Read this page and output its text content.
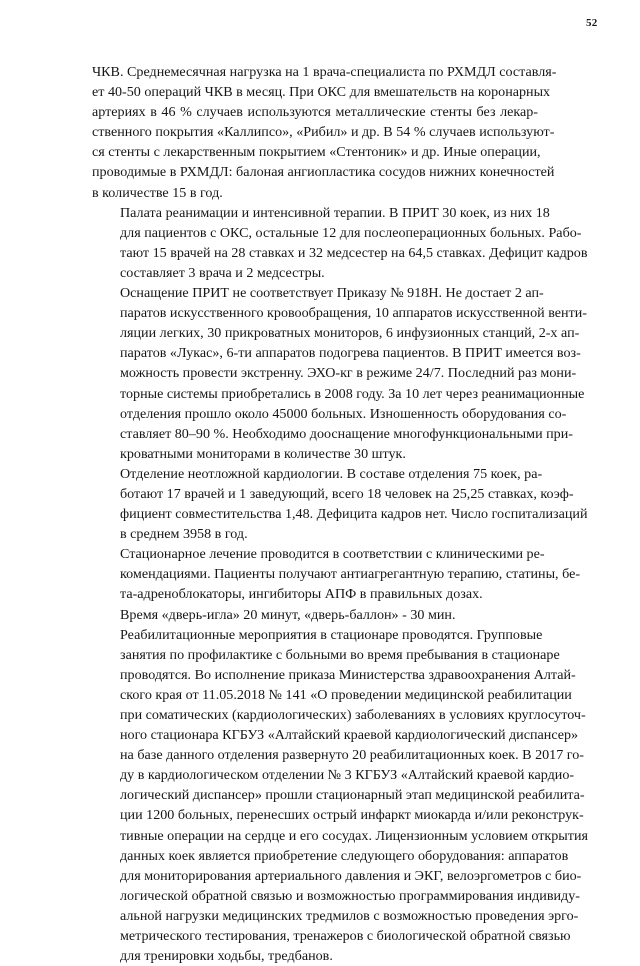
52

ЧКВ. Среднемесячная нагрузка на 1 врача-специалиста по РХМДЛ составля-
ет 40-50 операций ЧКВ в месяц. При ОКС для вмешательств на коронарных
артериях в 46 % случаев используются металлические стенты без лекар-
ственного покрытия «Каллипсо», «Рибил» и др. В 54 % случаев используют-
ся стенты с лекарственным покрытием «Стентоник» и др. Иные операции,
проводимые в РХМДЛ: балоная ангиопластика сосудов нижних конечностей
в количестве 15 в год.

Палата реанимации и интенсивной терапии. В ПРИТ 30 коек, из них 18
для пациентов с ОКС, остальные 12 для послеоперационных больных. Рабо-
тают 15 врачей на 28 ставках и 32 медсестер на 64,5 ставках. Дефицит кадров
составляет 3 врача и 2 медсестры.

Оснащение ПРИТ не соответствует Приказу № 918Н. Не достает 2 ап-
паратов искусственного кровообращения, 10 аппаратов искусственной венти-
ляции легких, 30 прикроватных мониторов, 6 инфузионных станций, 2-х ап-
паратов «Лукас», 6-ти аппаратов подогрева пациентов. В ПРИТ имеется воз-
можность провести экстренну. ЭХО-кг в режиме 24/7. Последний раз мони-
торные системы приобретались в 2008 году. За 10 лет через реанимационные
отделения прошло около 45000 больных. Изношенность оборудования со-
ставляет 80–90 %. Необходимо дооснащение многофункциональными при-
кроватными мониторами в количестве 30 штук.

Отделение неотложной кардиологии. В составе отделения 75 коек, ра-
ботают 17 врачей и 1 заведующий, всего 18 человек на 25,25 ставках, коэф-
фициент совместительства 1,48. Дефицита кадров нет. Число госпитализаций
в среднем 3958 в год.

Стационарное лечение проводится в соответствии с клиническими ре-
комендациями. Пациенты получают антиагрегантную терапию, статины, бе-
та-адреноблокаторы, ингибиторы АПФ в правильных дозах.

Время «дверь-игла» 20 минут, «дверь-баллон» - 30 мин.

Реабилитационные мероприятия в стационаре проводятся. Групповые
занятия по профилактике с больными во время пребывания в стационаре
проводятся. Во исполнение приказа Министерства здравоохранения Алтай-
ского края от 11.05.2018 № 141 «О проведении медицинской реабилитации
при соматических (кардиологических) заболеваниях в условиях круглосуточ-
ного стационара КГБУЗ «Алтайский краевой кардиологический диспансер»
на базе данного отделения развернуто 20 реабилитационных коек. В 2017 го-
ду в кардиологическом отделении № 3 КГБУЗ «Алтайский краевой кардио-
логический диспансер» прошли стационарный этап медицинской реабилита-
ции 1200 больных, перенесших острый инфаркт миокарда и/или реконструк-
тивные операции на сердце и его сосудах. Лицензионным условием открытия
данных коек является приобретение следующего оборудования: аппаратов
для мониторирования артериального давления и ЭКГ, велоэргометров с био-
логической обратной связью и возможностью программирования индивиду-
альной нагрузки медицинских тредмилов с возможностью проведения эрго-
метрического тестирования, тренажеров с биологической обратной связью
для тренировки ходьбы, тредбанов.
